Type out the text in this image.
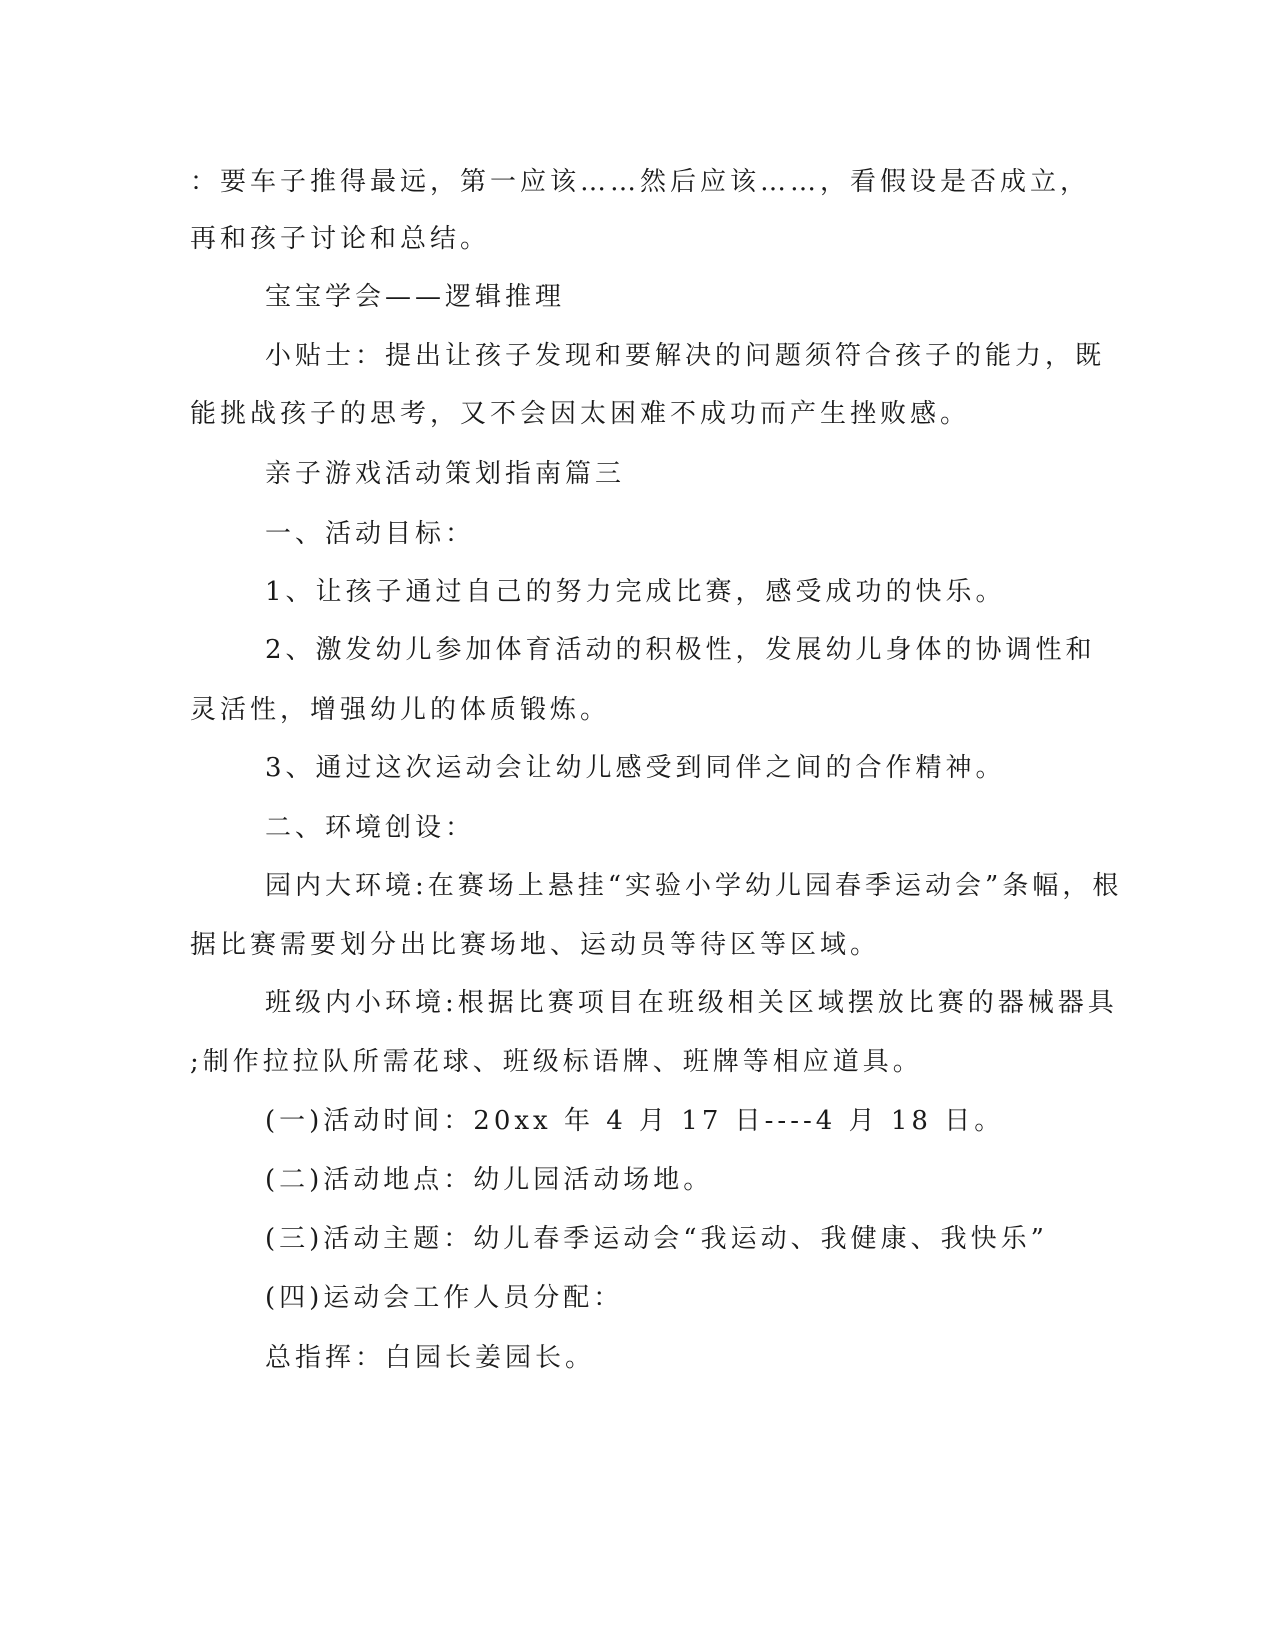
：要车子推得最远，第一应该……然后应该……，看假设是否成立，

再和孩子讨论和总结。

宝宝学会——逻辑推理

小贴士：提出让孩子发现和要解决的问题须符合孩子的能力，既

能挑战孩子的思考，又不会因太困难不成功而产生挫败感。

亲子游戏活动策划指南篇三

一、活动目标：

1、让孩子通过自己的努力完成比赛，感受成功的快乐。

2、激发幼儿参加体育活动的积极性，发展幼儿身体的协调性和

灵活性，增强幼儿的体质锻炼。

3、通过这次运动会让幼儿感受到同伴之间的合作精神。

二、环境创设：

园内大环境:在赛场上悬挂“实验小学幼儿园春季运动会”条幅，根

据比赛需要划分出比赛场地、运动员等待区等区域。

班级内小环境:根据比赛项目在班级相关区域摆放比赛的器械器具

;制作拉拉队所需花球、班级标语牌、班牌等相应道具。

(一)活动时间：20xx 年 4 月 17 日----4 月 18 日。

(二)活动地点：幼儿园活动场地。

(三)活动主题：幼儿春季运动会“我运动、我健康、我快乐”

(四)运动会工作人员分配：

总指挥：白园长姜园长。
